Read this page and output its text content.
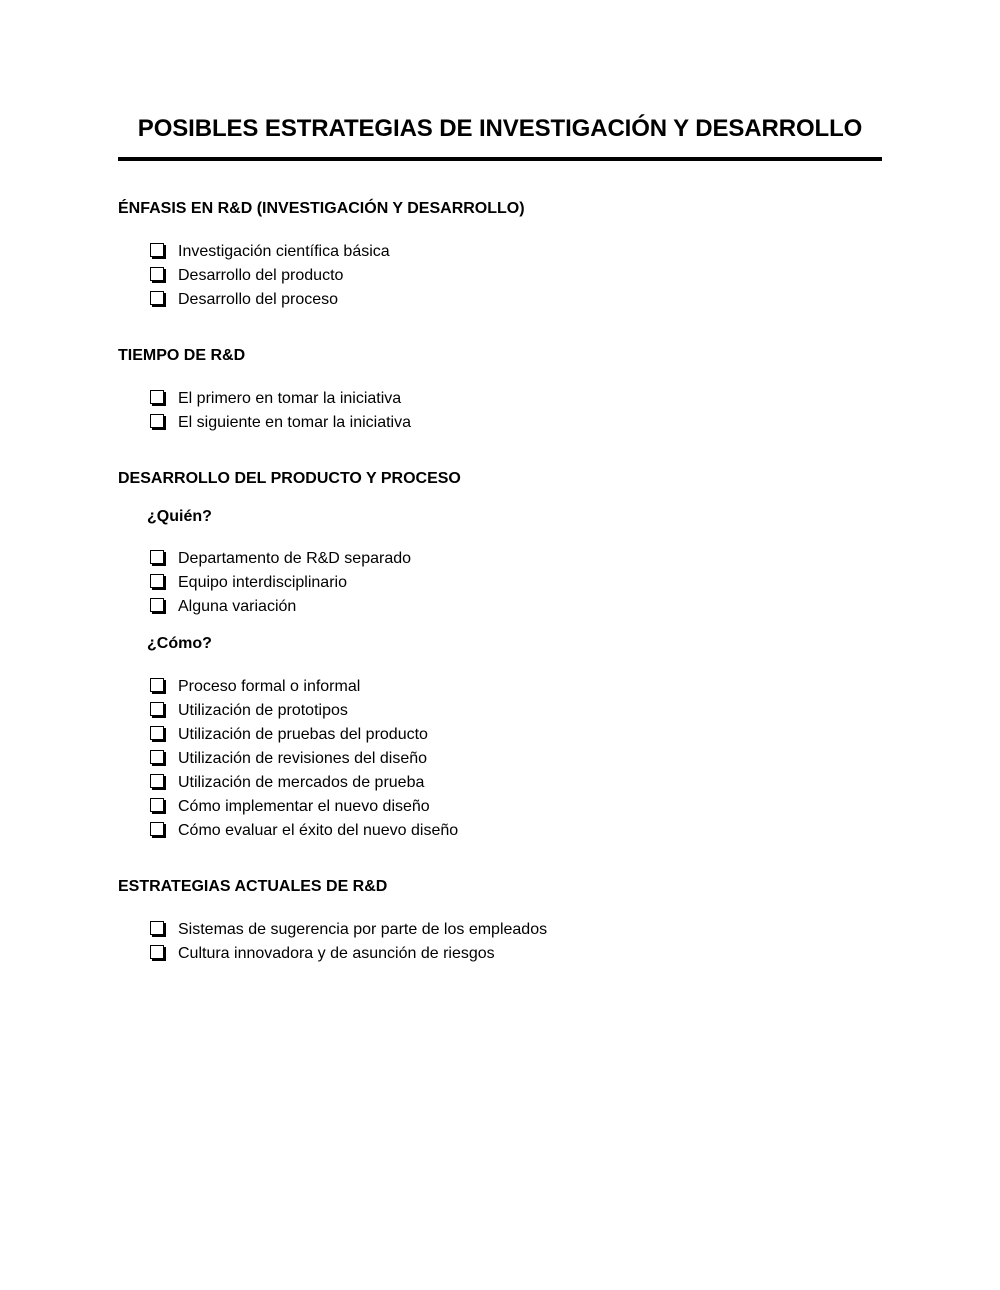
POSIBLES ESTRATEGIAS DE INVESTIGACIÓN Y DESARROLLO
ÉNFASIS EN R&D (INVESTIGACIÓN Y DESARROLLO)
Investigación científica básica
Desarrollo del producto
Desarrollo del proceso
TIEMPO DE R&D
El primero en tomar la iniciativa
El siguiente en tomar la iniciativa
DESARROLLO DEL PRODUCTO Y PROCESO
¿Quién?
Departamento de R&D separado
Equipo interdisciplinario
Alguna variación
¿Cómo?
Proceso formal o informal
Utilización de prototipos
Utilización de pruebas del producto
Utilización de revisiones del diseño
Utilización de mercados de prueba
Cómo implementar el nuevo diseño
Cómo evaluar el éxito del nuevo diseño
ESTRATEGIAS ACTUALES DE R&D
Sistemas de sugerencia por parte de los empleados
Cultura innovadora y de asunción de riesgos
